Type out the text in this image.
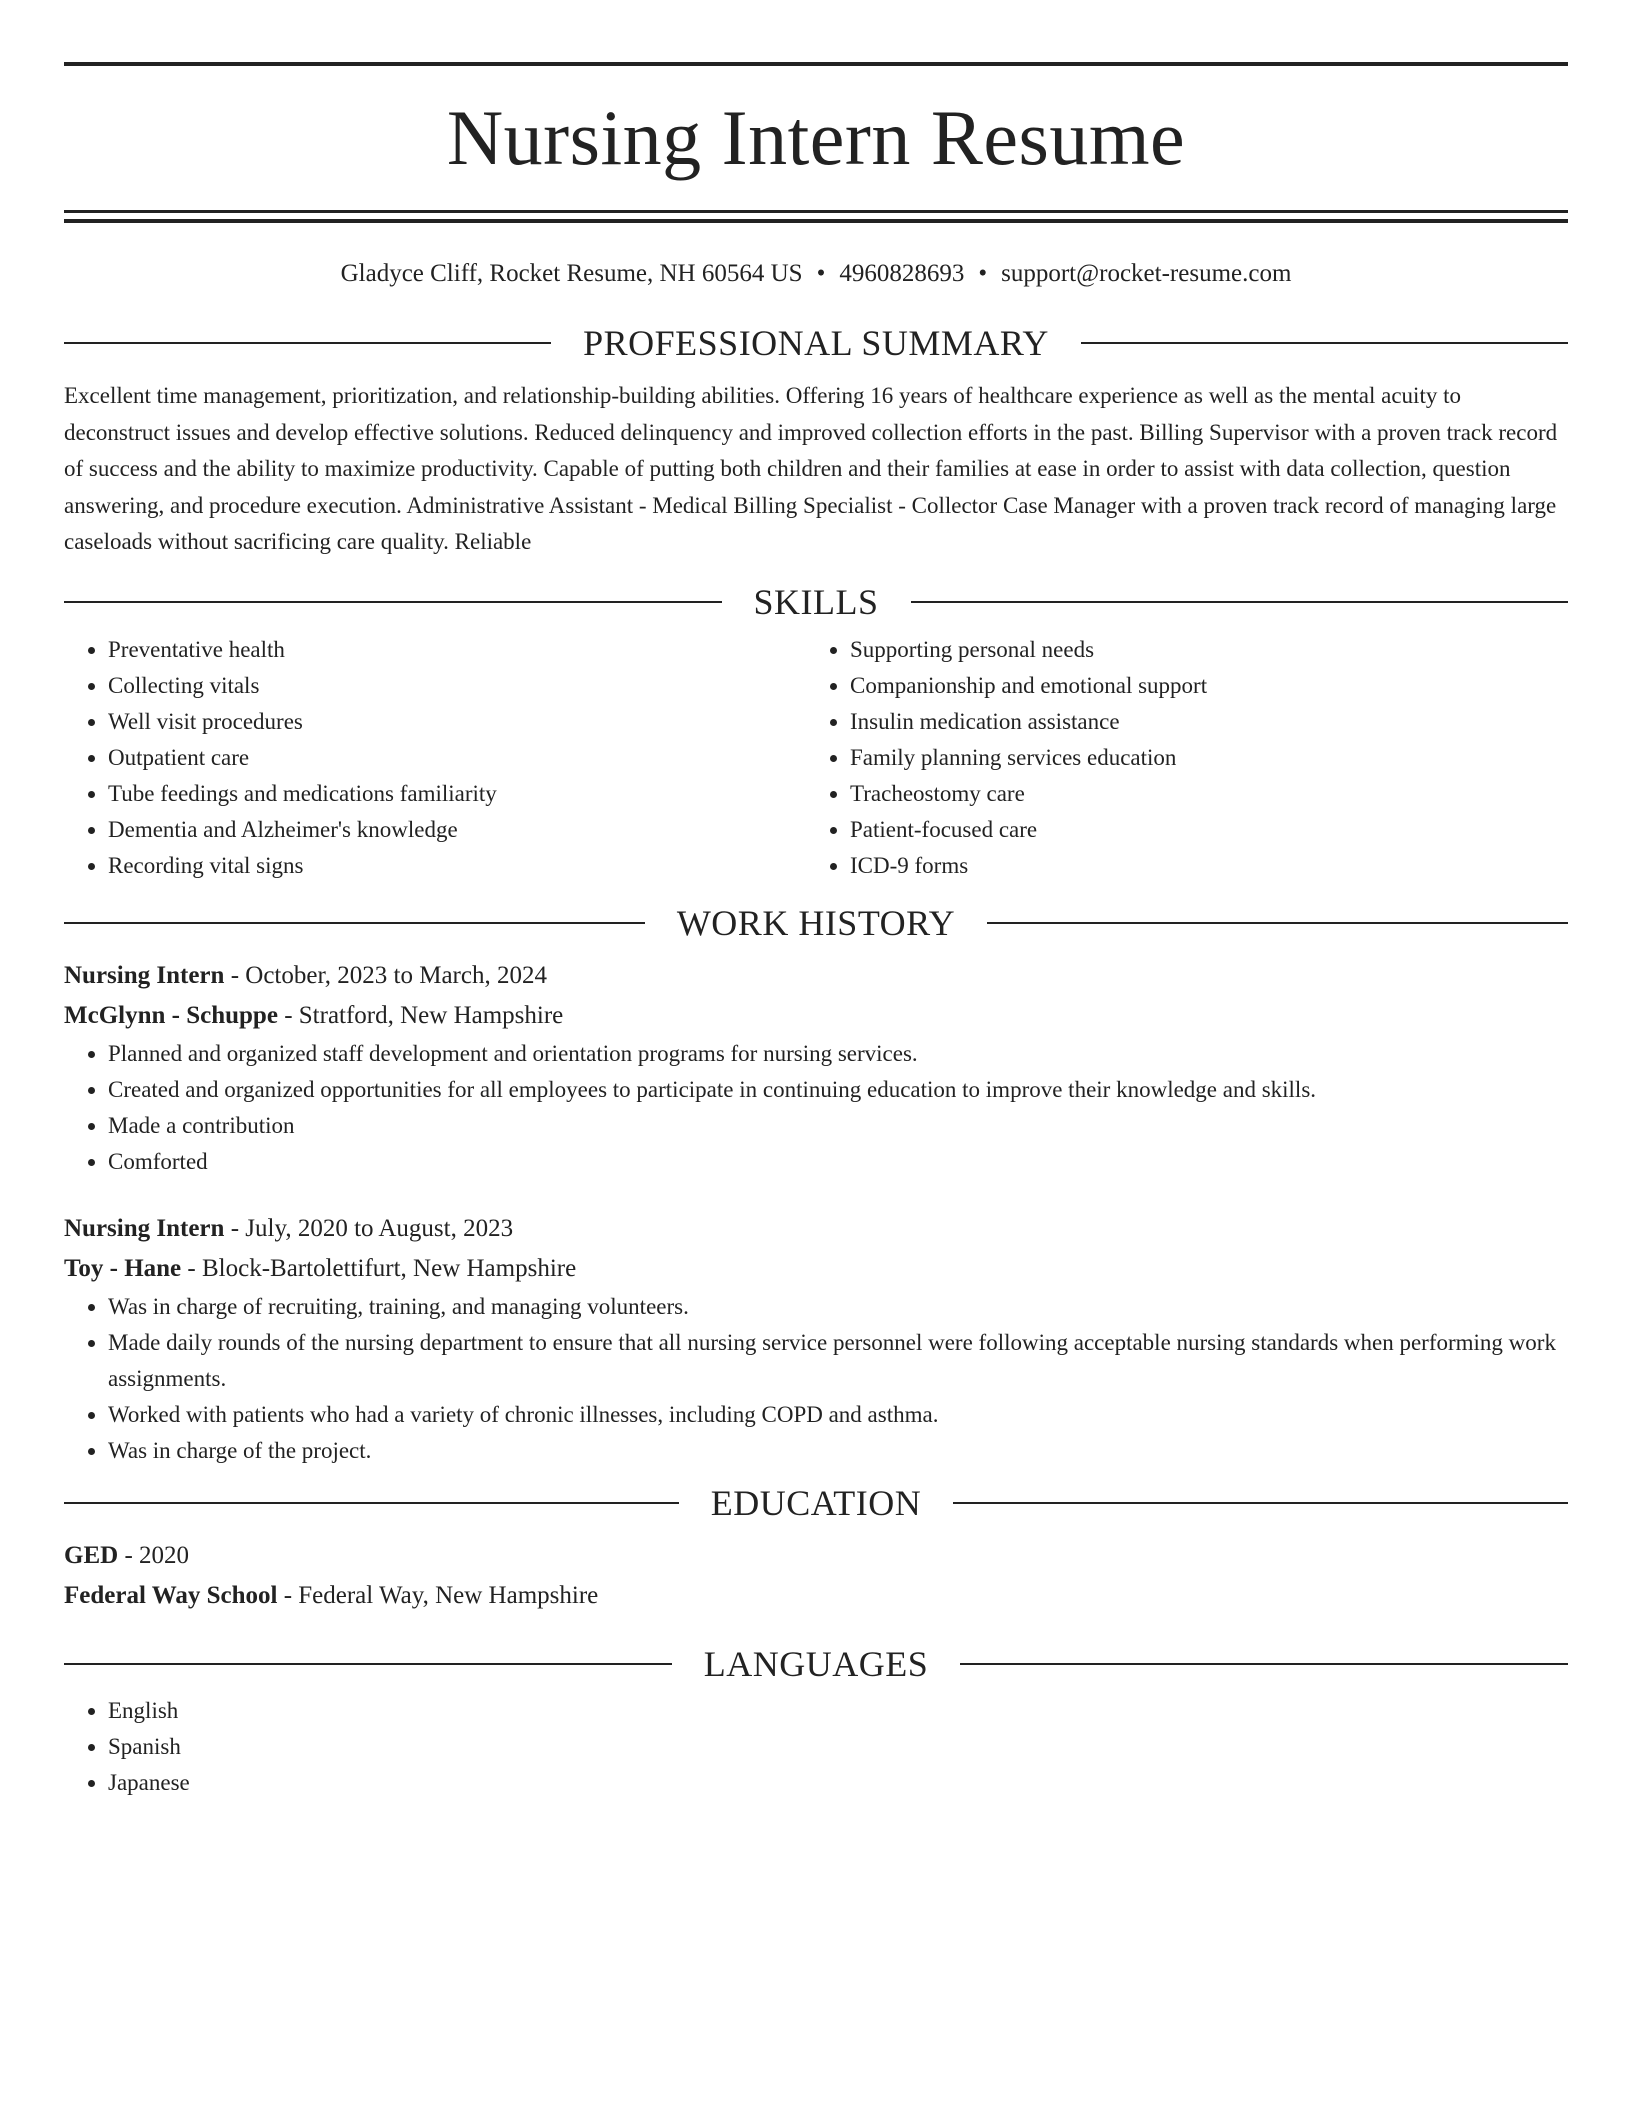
Nursing Intern Resume
Gladyce Cliff, Rocket Resume, NH 60564 US • 4960828693 • support@rocket-resume.com
PROFESSIONAL SUMMARY
Excellent time management, prioritization, and relationship-building abilities. Offering 16 years of healthcare experience as well as the mental acuity to deconstruct issues and develop effective solutions. Reduced delinquency and improved collection efforts in the past. Billing Supervisor with a proven track record of success and the ability to maximize productivity. Capable of putting both children and their families at ease in order to assist with data collection, question answering, and procedure execution. Administrative Assistant - Medical Billing Specialist - Collector Case Manager with a proven track record of managing large caseloads without sacrificing care quality. Reliable
SKILLS
• Preventative health
• Collecting vitals
• Well visit procedures
• Outpatient care
• Tube feedings and medications familiarity
• Dementia and Alzheimer's knowledge
• Recording vital signs
• Supporting personal needs
• Companionship and emotional support
• Insulin medication assistance
• Family planning services education
• Tracheostomy care
• Patient-focused care
• ICD-9 forms
WORK HISTORY
Nursing Intern - October, 2023 to March, 2024
McGlynn - Schuppe - Stratford, New Hampshire
• Planned and organized staff development and orientation programs for nursing services.
• Created and organized opportunities for all employees to participate in continuing education to improve their knowledge and skills.
• Made a contribution
• Comforted
Nursing Intern - July, 2020 to August, 2023
Toy - Hane - Block-Bartolettifurt, New Hampshire
• Was in charge of recruiting, training, and managing volunteers.
• Made daily rounds of the nursing department to ensure that all nursing service personnel were following acceptable nursing standards when performing work assignments.
• Worked with patients who had a variety of chronic illnesses, including COPD and asthma.
• Was in charge of the project.
EDUCATION
GED - 2020
Federal Way School - Federal Way, New Hampshire
LANGUAGES
• English
• Spanish
• Japanese
